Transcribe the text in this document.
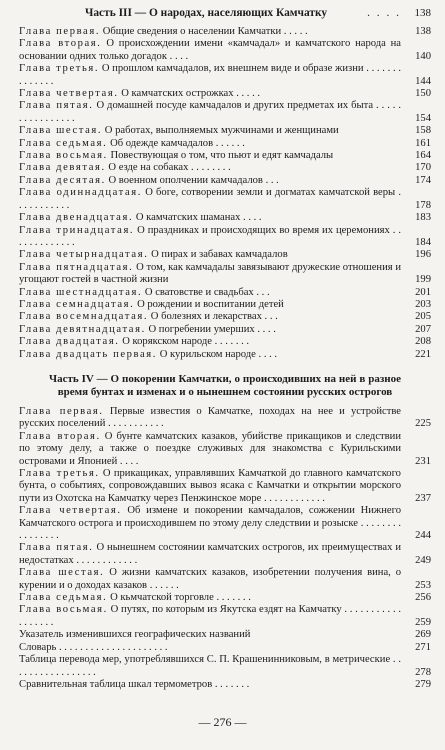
Часть III — О народах, населяющих Камчатку	. . . .	138
Глава первая. Общие сведения о населении Камчатки . . . . .	138
Глава вторая. О происхождении имени «камчадал» и камчатского народа на основании одних только догадок . . . .	140
Глава третья. О прошлом камчадалов, их внешнем виде и образе жизни . . . . . . . . . . . . . .	144
Глава четвертая. О камчатских острожках . . . . .	150
Глава пятая. О домашней посуде камчадалов и других предметах их быта . . . . . . . . . . . . . . . .	154
Глава шестая. О работах, выполняемых мужчинами и женщинами	158
Глава седьмая. Об одежде камчадалов . . . . . .	161
Глава восьмая. Повествующая о том, что пьют и едят камчадалы	164
Глава девятая. О езде на собаках . . . . . . . .	170
Глава десятая. О военном ополчении камчадалов . . .	174
Глава одиннадцатая. О боге, сотворении земли и догматах камчатской веры . . . . . . . . . . .	178
Глава двенадцатая. О камчатских шаманах . . . .	183
Глава тринадцатая. О праздниках и происходящих во время их церемониях . . . . . . . . . . . . .	184
Глава четырнадцатая. О пирах и забавах камчадалов	196
Глава пятнадцатая. О том, как камчадалы завязывают дружеские отношения и угощают гостей в частной жизни	199
Глава шестнадцатая. О сватовстве и свадьбах . . .	201
Глава семнадцатая. О рождении и воспитании детей	203
Глава восемнадцатая. О болезнях и лекарствах . . .	205
Глава девятнадцатая. О погребении умерших . . . .	207
Глава двадцатая. О корякском народе . . . . . . .	208
Глава двадцать первая. О курильском народе . . . .	221
Часть IV — О покорении Камчатки, о происходивших на ней в разное время бунтах и изменах и о нынешнем состоянии русских острогов
Глава первая. Первые известия о Камчатке, походах на нее и устройстве русских поселений . . . . . . . . . . .	225
Глава вторая. О бунте камчатских казаков, убийстве прикащиков и следствии по этому делу, а также о поездке служивых для знакомства с Курильскими островами и Японией . . . .	231
Глава третья. О прикащиках, управлявших Камчаткой до главного камчатского бунта, о событиях, сопровождавших вывоз ясака с Камчатки и открытии морского пути из Охотска на Камчатку через Пенжинское море . . . . . . . . . . . .	237
Глава четвертая. Об измене и покорении камчадалов, сожжении Нижнего Камчатского острога и происходившем по этому делу следствии и розыске . . . . . . . . . . . . . . . .	244
Глава пятая. О нынешнем состоянии камчатских острогов, их преимуществах и недостатках . . . . . . . . . . . .	249
Глава шестая. О жизни камчатских казаков, изобретении получения вина, о курении и о доходах казаков . . . . . .	253
Глава седьмая. О кьмчатской торговле . . . . . . .	256
Глава восьмая. О путях, по которым из Якутска ездят на Камчатку . . . . . . . . . . . . . . . . . .	259
Указатель изменившихся географических названий	269
Словарь . . . . . . . . . . . . . . . . . . . . .	271
Таблица перевода мер, употреблявшихся С. П. Крашенинниковым, в метрические . . . . . . . . . . . . . . . . .	278
Сравнительная таблица шкал термометров . . . . . . .	279
— 276 —
